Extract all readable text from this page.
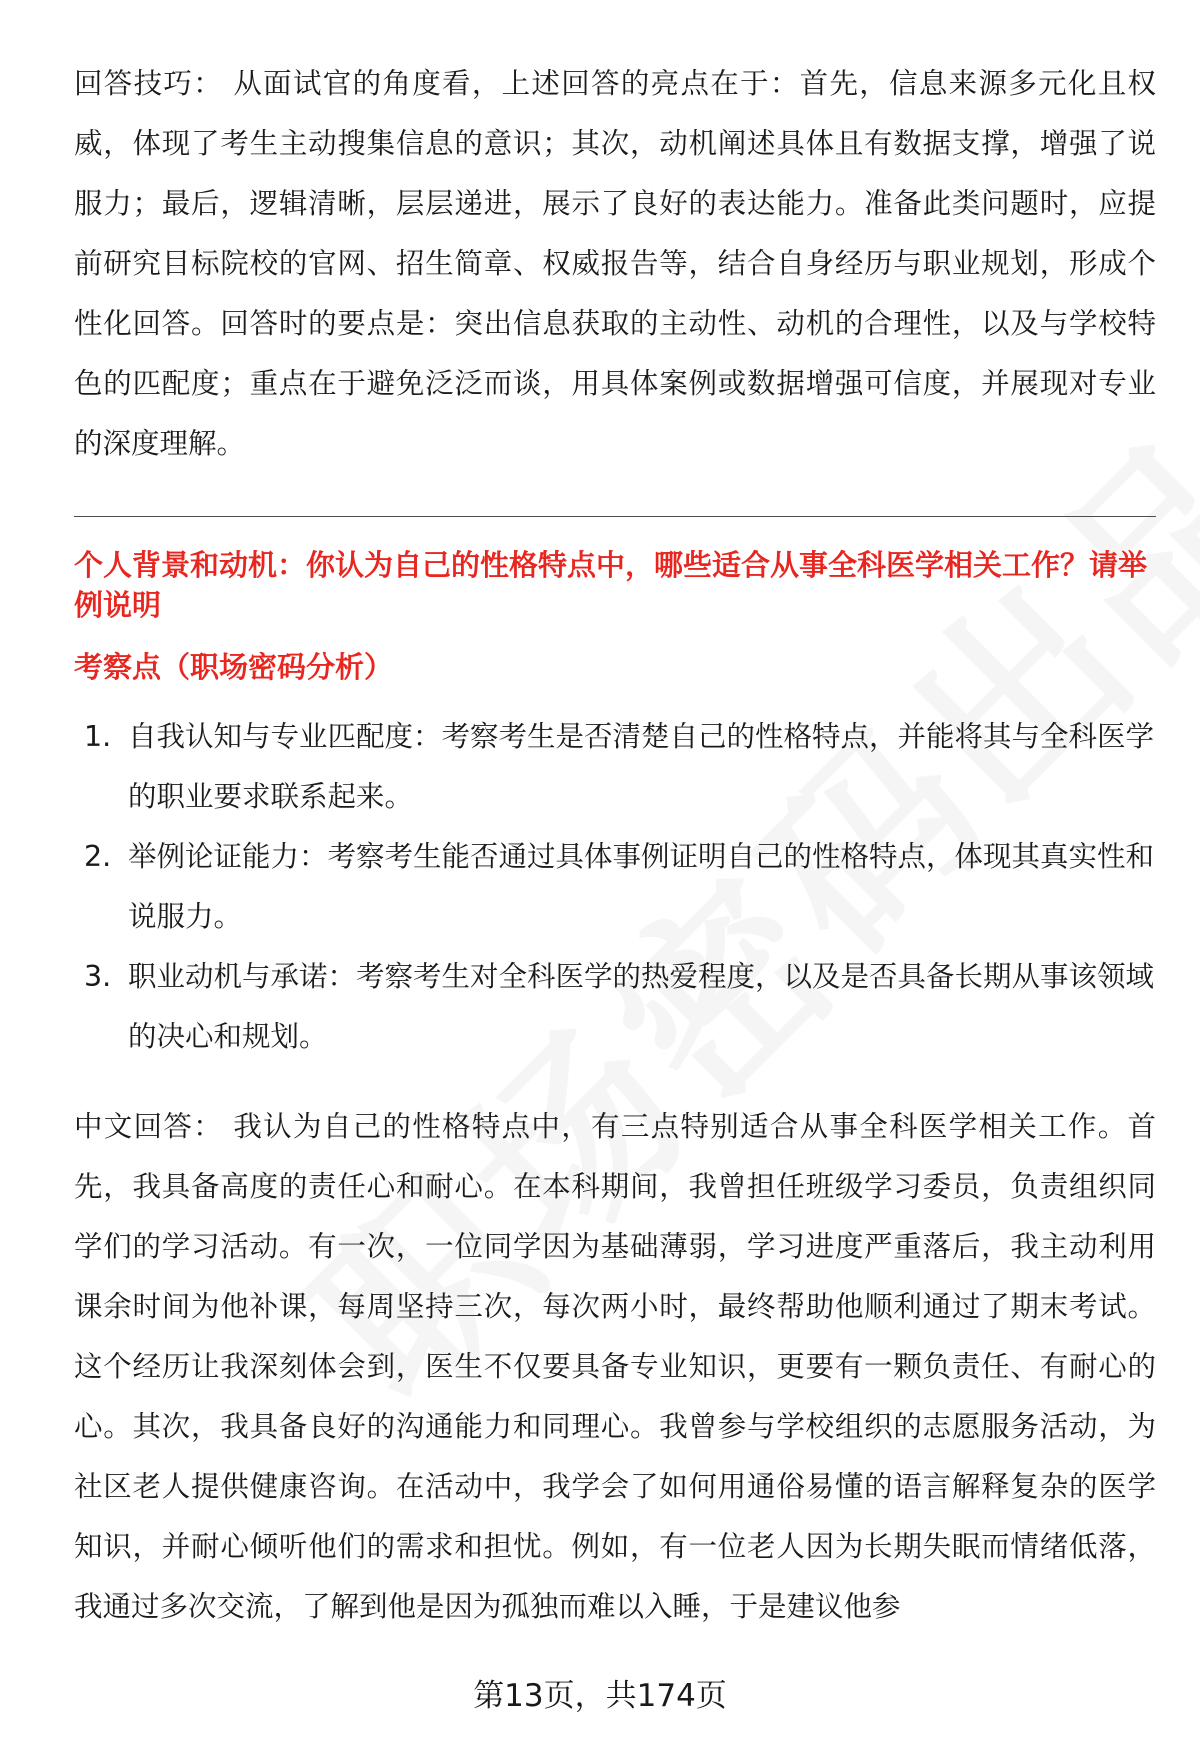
回答技巧： 从面试官的角度看，上述回答的亮点在于：首先，信息来源多元化且权威，体现了考生主动搜集信息的意识；其次，动机阐述具体且有数据支撑，增强了说服力；最后，逻辑清晰，层层递进，展示了良好的表达能力。准备此类问题时，应提前研究目标院校的官网、招生简章、权威报告等，结合自身经历与职业规划，形成个性化回答。回答时的要点是：突出信息获取的主动性、动机的合理性，以及与学校特色的匹配度；重点在于避免泛泛而谈，用具体案例或数据增强可信度，并展现对专业的深度理解。

个人背景和动机：你认为自己的性格特点中，哪些适合从事全科医学相关工作？请举例说明

考察点（职场密码分析）

1. 自我认知与专业匹配度：考察考生是否清楚自己的性格特点，并能将其与全科医学的职业要求联系起来。
2. 举例论证能力：考察考生能否通过具体事例证明自己的性格特点，体现其真实性和说服力。
3. 职业动机与承诺：考察考生对全科医学的热爱程度，以及是否具备长期从事该领域的决心和规划。

中文回答： 我认为自己的性格特点中，有三点特别适合从事全科医学相关工作。首先，我具备高度的责任心和耐心。在本科期间，我曾担任班级学习委员，负责组织同学们的学习活动。有一次，一位同学因为基础薄弱，学习进度严重落后，我主动利用课余时间为他补课，每周坚持三次，每次两小时，最终帮助他顺利通过了期末考试。这个经历让我深刻体会到，医生不仅要具备专业知识，更要有一颗负责任、有耐心的心。其次，我具备良好的沟通能力和同理心。我曾参与学校组织的志愿服务活动，为社区老人提供健康咨询。在活动中，我学会了如何用通俗易懂的语言解释复杂的医学知识，并耐心倾听他们的需求和担忧。例如，有一位老人因为长期失眠而情绪低落，我通过多次交流，了解到他是因为孤独而难以入睡，于是建议他参

第13页，共174页
